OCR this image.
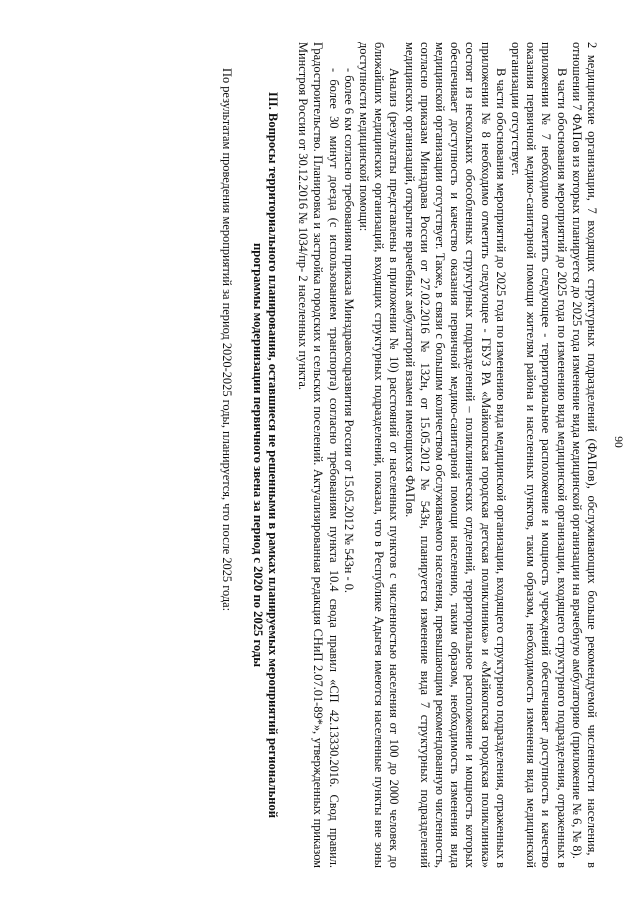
90

2 медицинские организации, 7 входящих структурных подразделений (ФАПов), обслуживающих больше рекомендуемой численности населения, в отношении 7 ФАПов из которых планируется до 2025 года изменение вида медицинской организации на врачебную амбулаторию (приложение № 6, № 8).

В части обоснования мероприятий до 2025 года по изменению вида медицинской организации, входящего структурного подразделения, отраженных в приложении № 7 необходимо отметить следующее - территориальное расположение и мощность учреждений обеспечивает доступность и качество оказания первичной медико-санитарной помощи жителям района и населенных пунктов, таким образом, необходимость изменения вида медицинской организации отсутствует.

В части обоснования мероприятий до 2025 года по изменению вида медицинской организации, входящего структурного подразделения, отраженных в приложении № 8 необходимо отметить следующее - ГБУЗ РА «Майкопская городская детская поликлиника» и «Майкопская городская поликлиника» состоят из нескольких обособленных структурных подразделений – поликлинических отделений, территориальное расположение и мощность которых обеспечивает доступность и качество оказания первичной медико-санитарной помощи населению, таким образом, необходимость изменения вида медицинской организации отсутствует. Также, в связи с большим количеством обслуживаемого населения, превышающим рекомендованную численность, согласно приказам Минздрава России от 27.02.2016 № 132н, от 15.05.2012 № 543н, планируется изменение вида 7 структурных подразделений медицинских организаций, открытие врачебных амбулаторий взамен имеющихся ФАПов.

Анализ (результаты представлены в приложении № 10) расстояний от населенных пунктов с численностью населения от 100 до 2000 человек до ближайших медицинских организаций, входящих структурных подразделений, показал, что в Республике Адыгея имеются населенные пункты вне зоны доступности медицинской помощи:

- более 6 км согласно требованиям приказа Минздравсоцразвития России от 15.05.2012 № 543н - 0.

- более 30 минут доезда (с использованием транспорта) согласно требованиям пункта 10.4 свода правил «СП 42.13330.2016. Свод правил. Градостроительство. Планировка и застройка городских и сельских поселений. Актуализированная редакция СНиП 2.07.01-89*», утвержденных приказом Минстроя России от 30.12.2016 № 1034/пр- 2 населенных пункта.

III. Вопросы территориального планирования, оставшиеся не решенными в рамках планируемых мероприятий региональной программы модернизации первичного звена за период с 2020 по 2025 годы

По результатам проведения мероприятий за период 2020-2025 годы, планируется, что после 2025 года:
